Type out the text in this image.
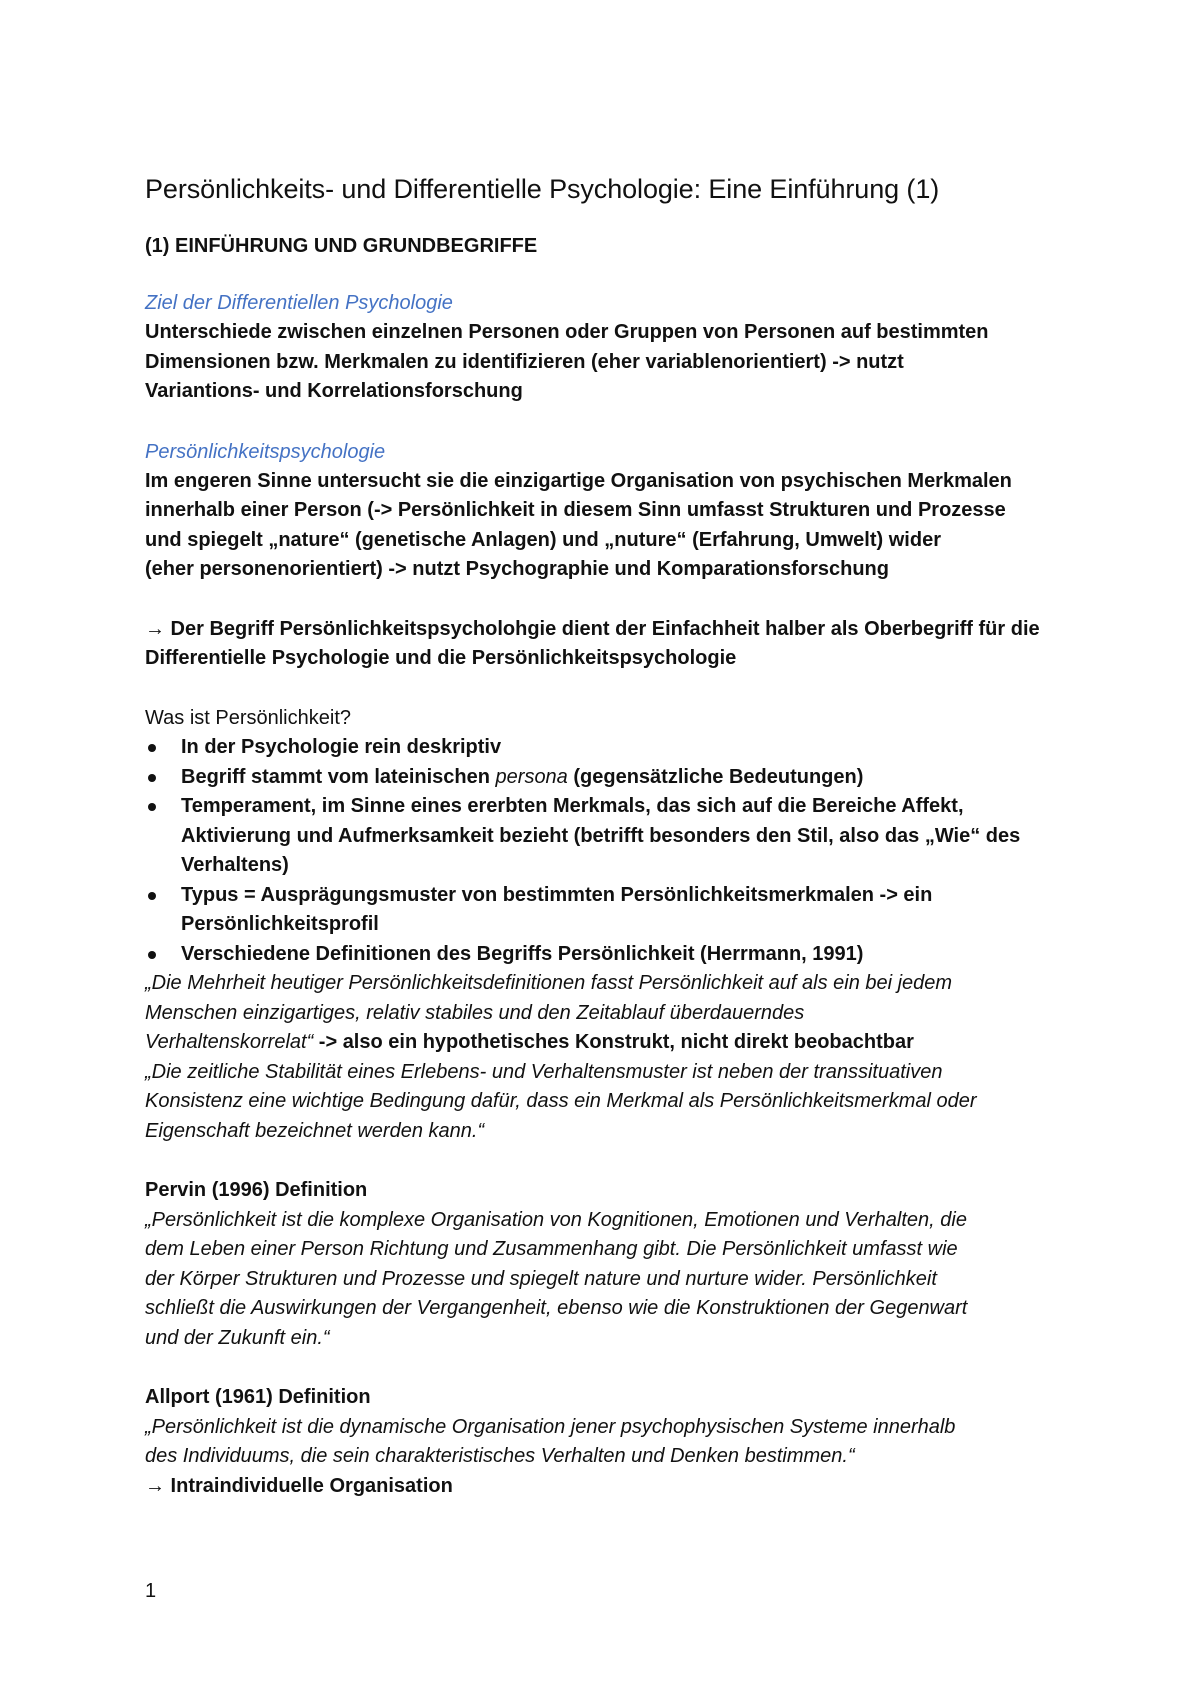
Persönlichkeits- und Differentielle Psychologie: Eine Einführung (1)
(1) EINFÜHRUNG UND GRUNDBEGRIFFE

Ziel der Differentiellen Psychologie

Unterschiede zwischen einzelnen Personen oder Gruppen von Personen auf bestimmten
Dimensionen bzw. Merkmalen zu identifizieren (eher variablenorientiert) -> nutzt
Variantions- und Korrelationsforschung

Persönlichkeitspsychologie

Im engeren Sinne untersucht sie die einzigartige Organisation von psychischen Merkmalen
innerhalb einer Person (-> Persönlichkeit in diesem Sinn umfasst Strukturen und Prozesse
und spiegelt „nature“ (genetische Anlagen) und „nuture“ (Erfahrung, Umwelt) wider
(eher personenorientiert) -> nutzt Psychographie und Komparationsforschung
→ Der Begriff Persönlichkeitspsycholohgie dient der Einfachheit halber als Oberbegriff für die
Differentielle Psychologie und die Persönlichkeitspsychologie
Was ist Persönlichkeit?
In der Psychologie rein deskriptiv
Begriff stammt vom lateinischen persona (gegensätzliche Bedeutungen)
Temperament, im Sinne eines ererbten Merkmals, das sich auf die Bereiche Affekt,
Aktivierung und Aufmerksamkeit bezieht (betrifft besonders den Stil, also das „Wie“ des
Verhaltens)
Typus = Ausprägungsmuster von bestimmten Persönlichkeitsmerkmalen -> ein
Persönlichkeitsprofil
Verschiedene Definitionen des Begriffs Persönlichkeit (Herrmann, 1991)
„Die Mehrheit heutiger Persönlichkeitsdefinitionen fasst Persönlichkeit auf als ein bei jedem
Menschen einzigartiges, relativ stabiles und den Zeitablauf überdauerndes
Verhaltenskorrelat“ -> also ein hypothetisches Konstrukt, nicht direkt beobachtbar
„Die zeitliche Stabilität eines Erlebens- und Verhaltensmuster ist neben der transsituativen
Konsistenz eine wichtige Bedingung dafür, dass ein Merkmal als Persönlichkeitsmerkmal oder
Eigenschaft bezeichnet werden kann.“
Pervin (1996) Definition
„Persönlichkeit ist die komplexe Organisation von Kognitionen, Emotionen und Verhalten, die
dem Leben einer Person Richtung und Zusammenhang gibt. Die Persönlichkeit umfasst wie
der Körper Strukturen und Prozesse und spiegelt nature und nurture wider. Persönlichkeit
schließt die Auswirkungen der Vergangenheit, ebenso wie die Konstruktionen der Gegenwart
und der Zukunft ein.“
Allport (1961) Definition
„Persönlichkeit ist die dynamische Organisation jener psychophysischen Systeme innerhalb
des Individuums, die sein charakteristisches Verhalten und Denken bestimmen.“
→ Intraindividuelle Organisation
1
